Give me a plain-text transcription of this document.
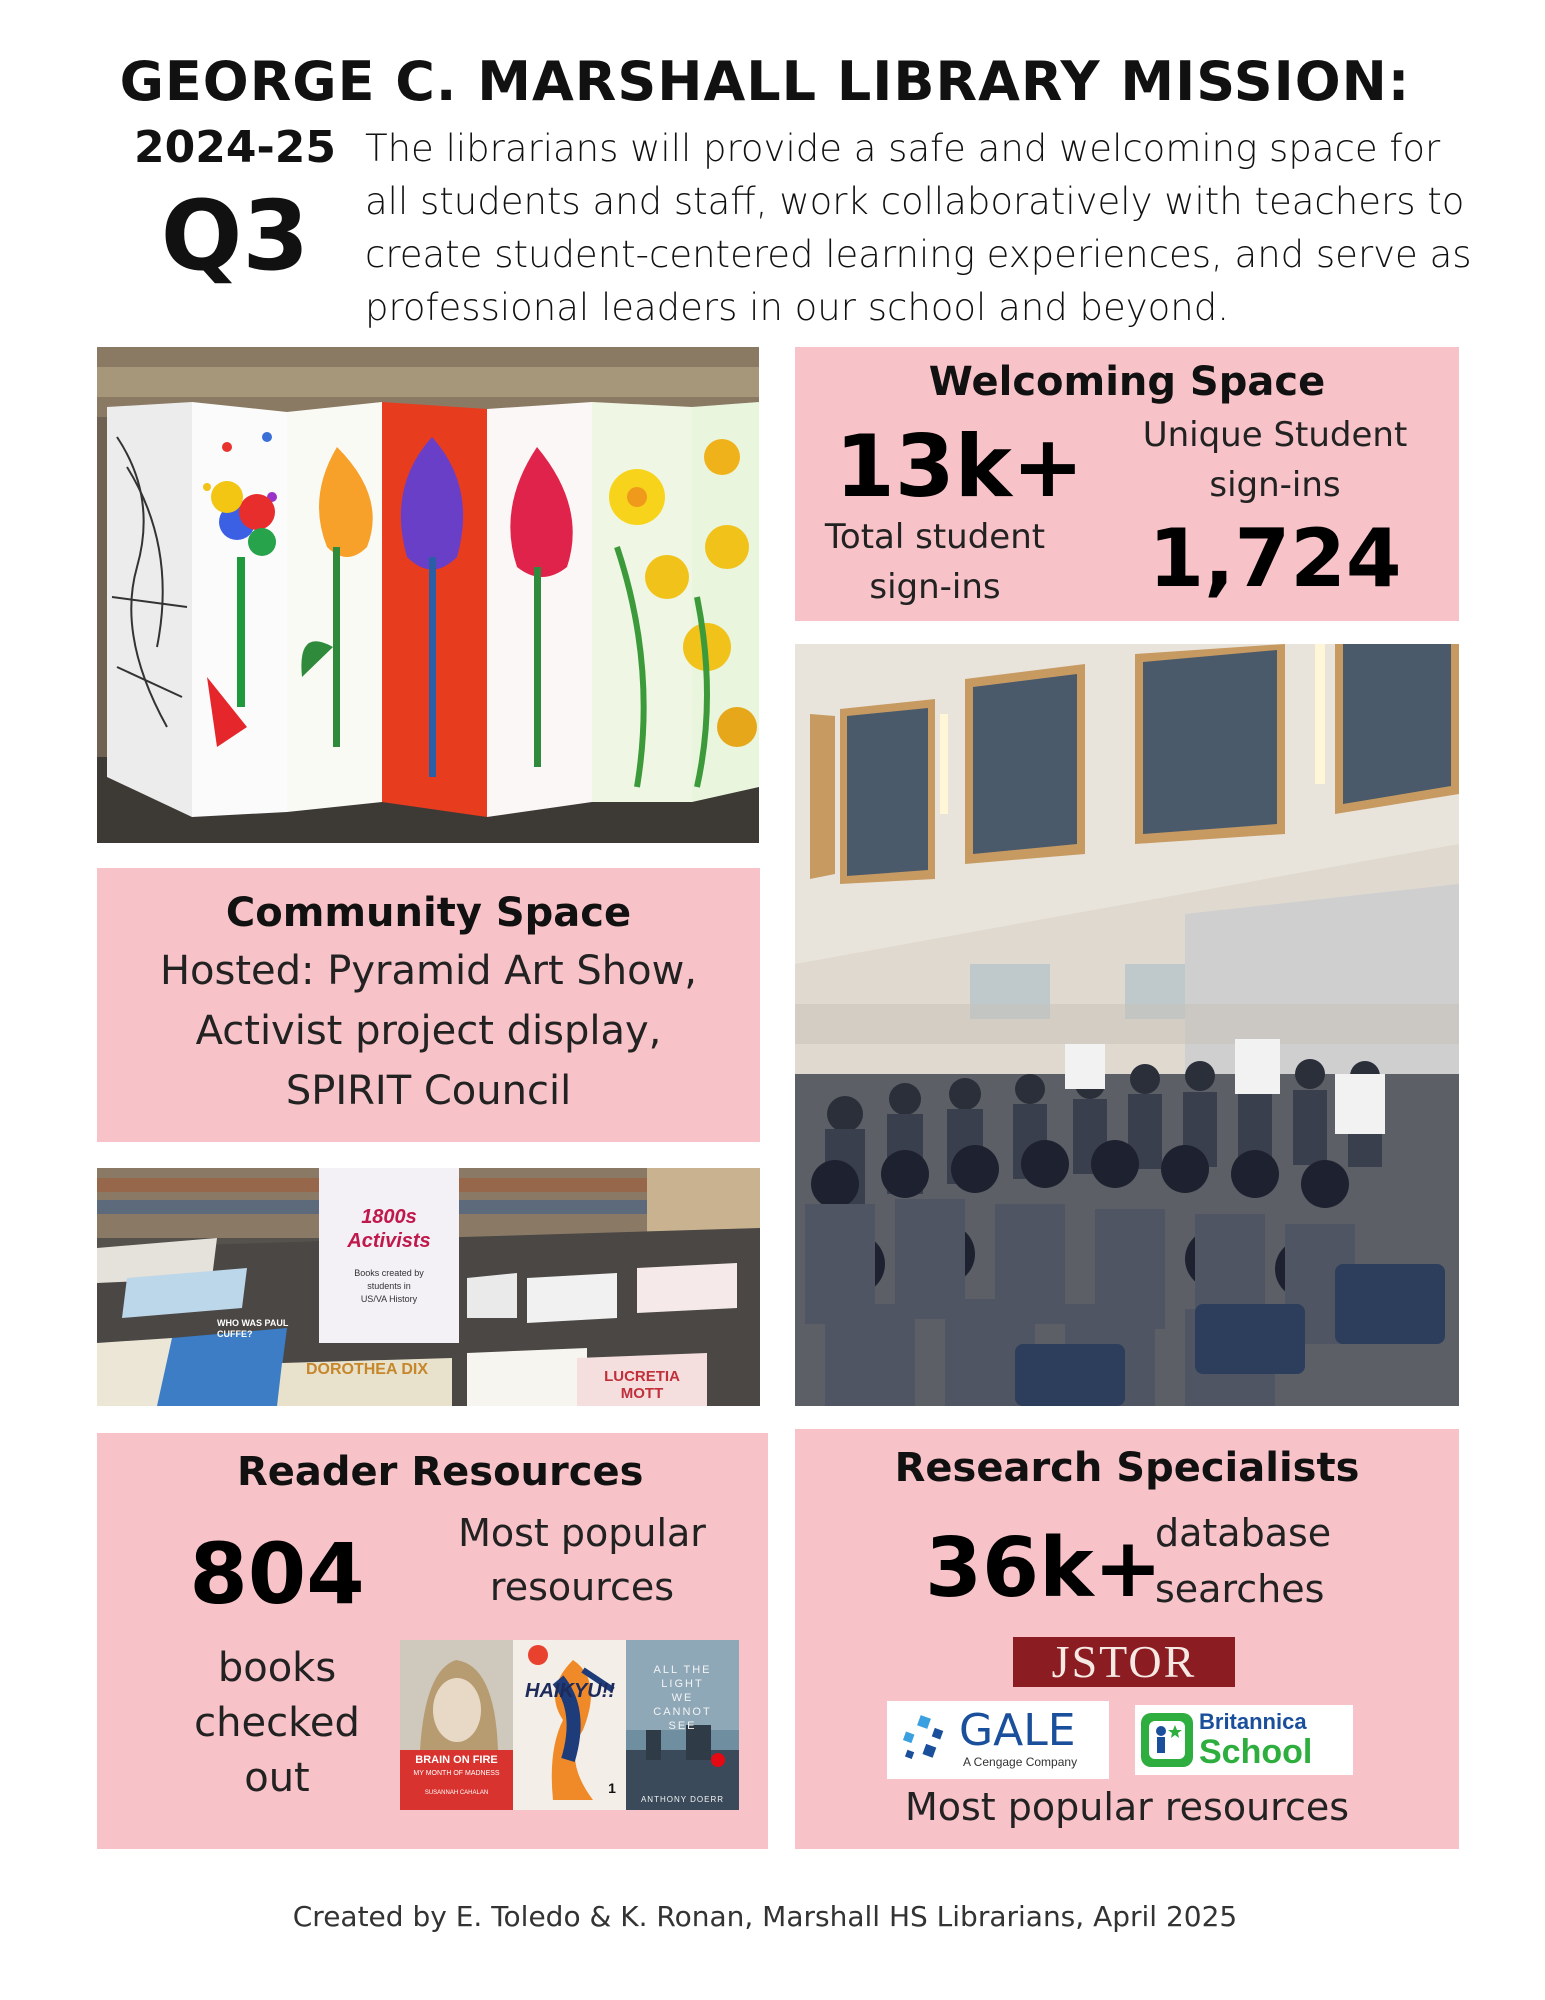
GEORGE C. MARSHALL LIBRARY MISSION:
2024-25
Q3
The librarians will provide a safe and welcoming space for all students and staff, work collaboratively with teachers to create student-centered learning experiences, and serve as professional leaders in our school and beyond.
Welcoming Space
13k+
Total student
sign-ins
Unique Student
sign-ins
1,724
Community Space
Hosted: Pyramid Art Show,
Activist project display,
SPIRIT Council
1800s
Activists
Books created by
students in
US/VA History
WHO WAS PAUL CUFFE?
DOROTHEA DIX	LUCRETIA MOTT
Reader Resources
804	Most popular
resources
books
checked
out	BRAIN ON FIRE
MY MONTH OF MADNESS
SUSANNAH CAHALAN
HAIKYU!!
1
ALL THE
LIGHT
WE
CANNOT
SEE
ANTHONY DOERR
Research Specialists
36k+
database
searches
JSTOR
GALE
A Cengage Company
Britannica
School
Most popular resources
Created by E. Toledo & K. Ronan, Marshall HS Librarians, April 2025
